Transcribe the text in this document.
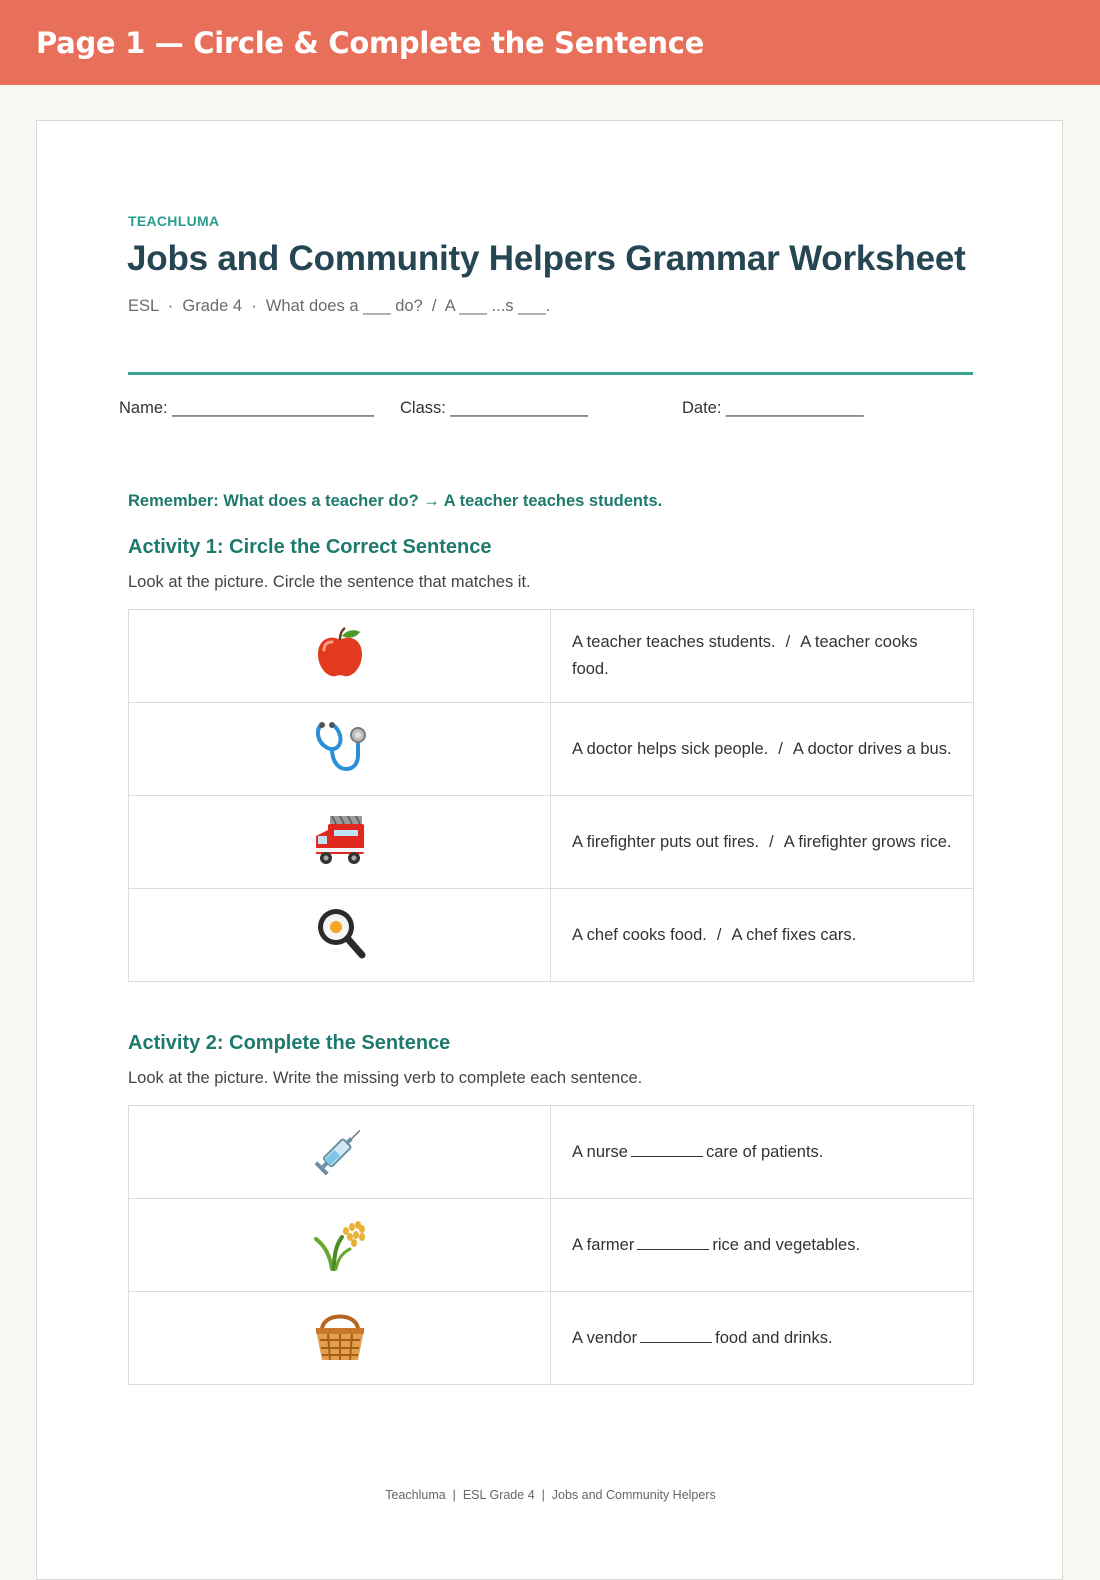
Page 1 — Circle & Complete the Sentence
TEACHLUMA
Jobs and Community Helpers Grammar Worksheet
ESL  ·  Grade 4  ·  What does a ___ do?  /  A ___ ...s ___.
Name: ______________________ Class: _______________	Date: _______________
Remember: What does a teacher do? → A teacher teaches students.
Activity 1: Circle the Correct Sentence
Look at the picture. Circle the sentence that matches it.
	A teacher teaches students. / A teacher cooks food.
	A doctor helps sick people. / A doctor drives a bus.
	A firefighter puts out fires. / A firefighter grows rice.
	A chef cooks food. / A chef fixes cars.
Activity 2: Complete the Sentence
Look at the picture. Write the missing verb to complete each sentence.
	A nurse care of patients.
	A farmer rice and vegetables.
	A vendor food and drinks.
Teachluma  |  ESL Grade 4  |  Jobs and Community Helpers
